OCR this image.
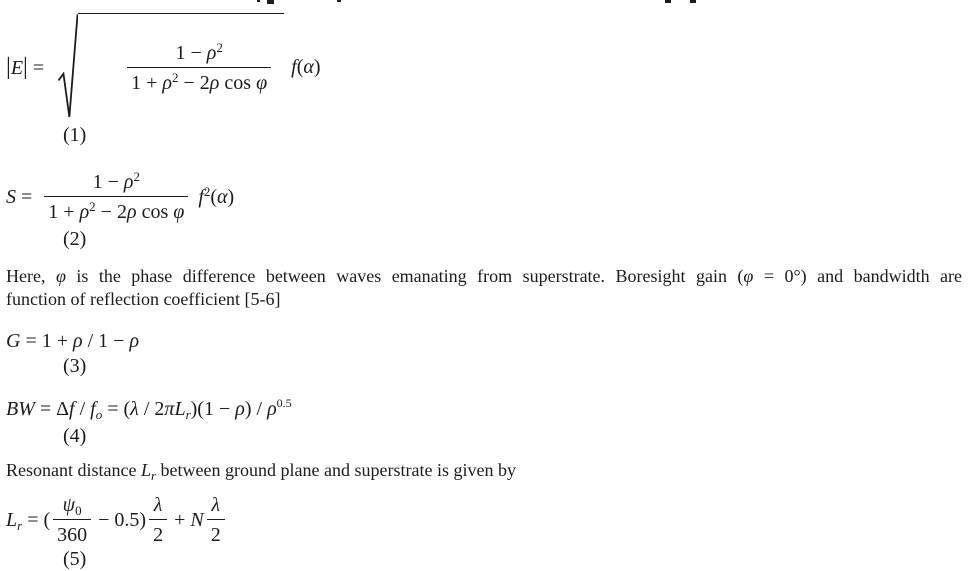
|E| =

	$\frac{1 - \rho^2}{1 + \rho^2 - 2\rho \cos \varphi}$

f(α)
(1)
$S = \frac{1 - \rho^2}{1 + \rho^2 - 2\rho \cos \varphi} f^2(\alpha)$
(2)
Here, φ is the phase difference between waves emanating from superstrate. Boresight gain (φ = 0°) and bandwidth are
function of reflection coefficient [5-6]
G = 1 + ρ / 1 − ρ
(3)
BW = $\Delta f / f_o = (\lambda / 2\pi L_r)(1 - \rho) / \rho^{0.5}$
(4)
Resonant distance $L_r$ between ground plane and superstrate is given by
$L_r$ = ( $\frac{\psi_0}{360} - 0.5) \frac{\lambda}{2} + N \frac{\lambda}{2}$
(5)
